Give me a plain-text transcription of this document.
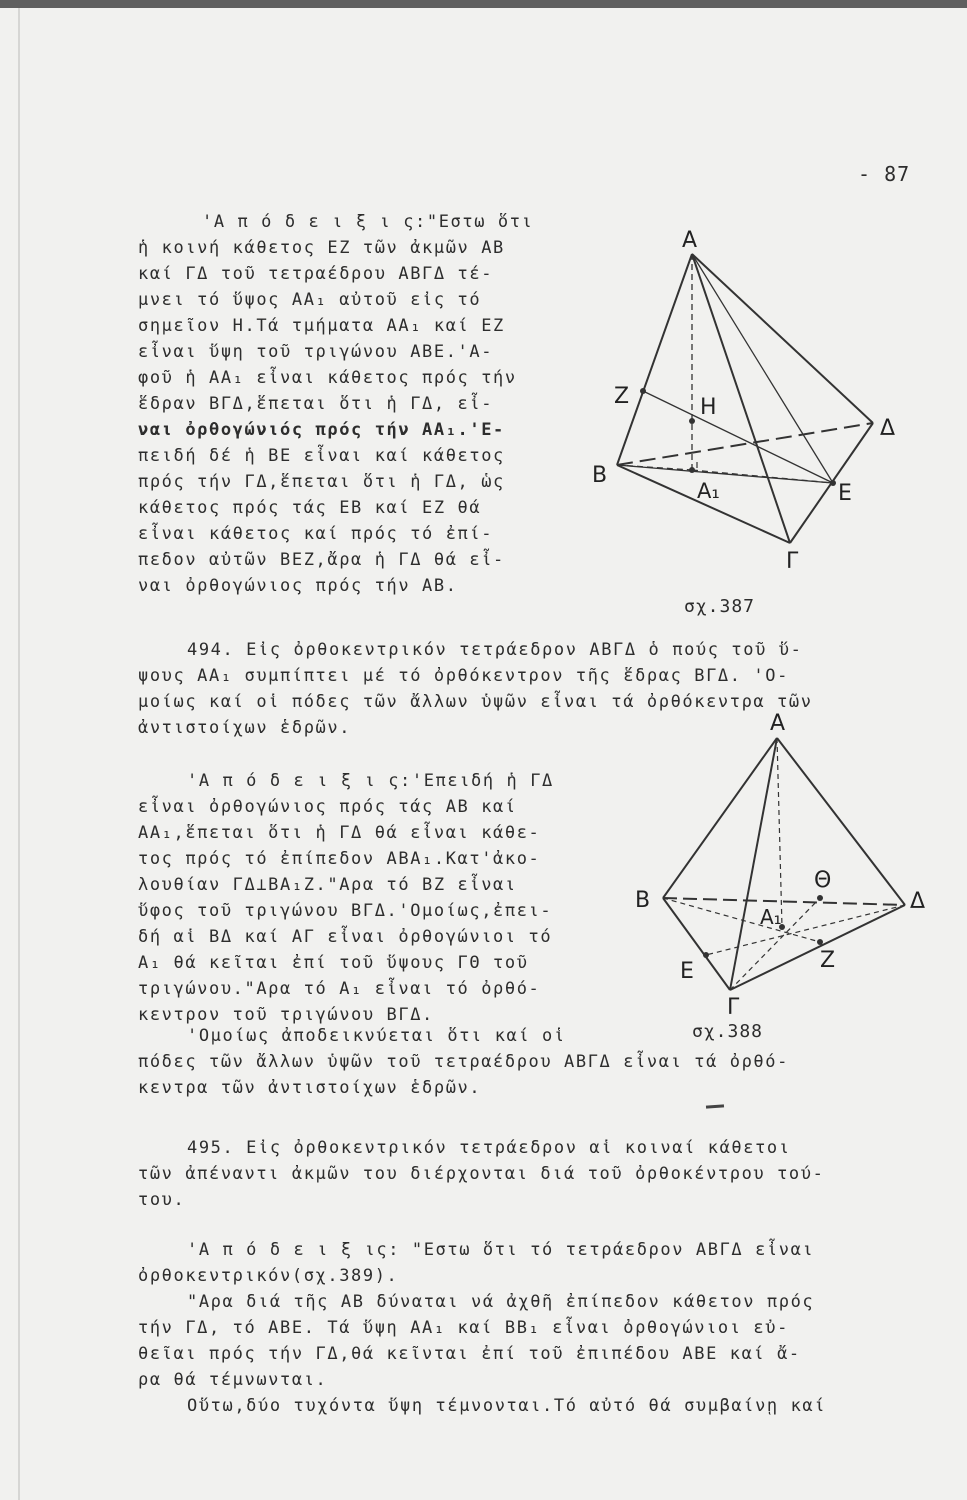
- 87

'Α π ό δ ε ι ξ ι ς:"Εστω ὅτι

ἡ κοινή κάθετος ΕΖ τῶν ἀκμῶν ΑΒ

καί ΓΔ τοῦ τετραέδρου ΑΒΓΔ τέ-

μνει τό ὕψος ΑΑ₁ αὐτοῦ εἰς τό

σημεῖον Η.Τά τμήματα ΑΑ₁ καί ΕΖ

εἶναι ὕψη τοῦ τριγώνου ΑΒΕ.'Α-

φοῦ ἡ ΑΑ₁ εἶναι κάθετος πρός τήν

ἕδραν ΒΓΔ,ἕπεται ὅτι ἡ ΓΔ, εἶ-

ναι ὀρθογώνιός πρός τήν ΑΑ₁.'Ε-

πειδή δέ ἡ ΒΕ εἶναι καί κάθετος

πρός τήν ΓΔ,ἕπεται ὅτι ἡ ΓΔ, ὡς

κάθετος πρός τάς ΕΒ καί ΕΖ θά

εἶναι κάθετος καί πρός τό ἐπί-

πεδον αὐτῶν ΒΕΖ,ἄρα ἡ ΓΔ θά εἶ-

ναι ὀρθογώνιος πρός τήν ΑΒ.

A
Z	H
Δ
B
A₁	E
Γ
σχ.387

494. Εἰς ὀρθοκεντρικόν τετράεδρον ΑΒΓΔ ὁ πούς τοῦ ὕ-

ψους ΑΑ₁ συμπίπτει μέ τό ὀρθόκεντρον τῆς ἕδρας ΒΓΔ. 'Ο-

μοίως καί οἱ πόδες τῶν ἄλλων ὑψῶν εἶναι τά ὀρθόκεντρα τῶν

ἀντιστοίχων ἑδρῶν.

'Α π ό δ ε ι ξ ι ς:'Επειδή ἡ ΓΔ

εἶναι ὀρθογώνιος πρός τάς ΑΒ καί

ΑΑ₁,ἕπεται ὅτι ἡ ΓΔ θά εἶναι κάθε-

τος πρός τό ἐπίπεδον ΑΒΑ₁.Κατ'ἀκο-

λουθίαν ΓΔ⊥ΒΑ₁Ζ."Αρα τό ΒΖ εἶναι

ὕφος τοῦ τριγώνου ΒΓΔ.'Ομοίως,ἐπει-

δή αἱ ΒΔ καί ΑΓ εἶναι ὀρθογώνιοι τό

Α₁ θά κεῖται ἐπί τοῦ ὕψους ΓΘ τοῦ

τριγώνου."Αρα τό Α₁ εἶναι τό ὀρθό-

κεντρον τοῦ τριγώνου ΒΓΔ.

'Ομοίως ἀποδεικνύεται ὅτι καί οἱ

πόδες τῶν ἄλλων ὑψῶν τοῦ τετραέδρου ΑΒΓΔ εἶναι τά ὀρθό-

κεντρα τῶν ἀντιστοίχων ἑδρῶν.

A
B
Θ
Δ
A₁
E	Z
Γ
σχ.388

495. Εἰς ὀρθοκεντρικόν τετράεδρον αἱ κοιναί κάθετοι

τῶν ἀπέναντι ἀκμῶν του διέρχονται διά τοῦ ὀρθοκέντρου τού-

του.

'Α π ό δ ε ι ξ ις: "Εστω ὅτι τό τετράεδρον ΑΒΓΔ εἶναι

ὀρθοκεντρικόν(σχ.389).

"Αρα διά τῆς ΑΒ δύναται νά ἀχθῆ ἐπίπεδον κάθετον πρός

τήν ΓΔ, τό ΑΒΕ. Τά ὕψη ΑΑ₁ καί ΒΒ₁ εἶναι ὀρθογώνιοι εὐ-

θεῖαι πρός τήν ΓΔ,θά κεῖνται ἐπί τοῦ ἐπιπέδου ΑΒΕ καί ἄ-

ρα θά τέμνωνται.

Οὕτω,δύο τυχόντα ὕψη τέμνονται.Τό αὐτό θά συμβαίνῃ καί
